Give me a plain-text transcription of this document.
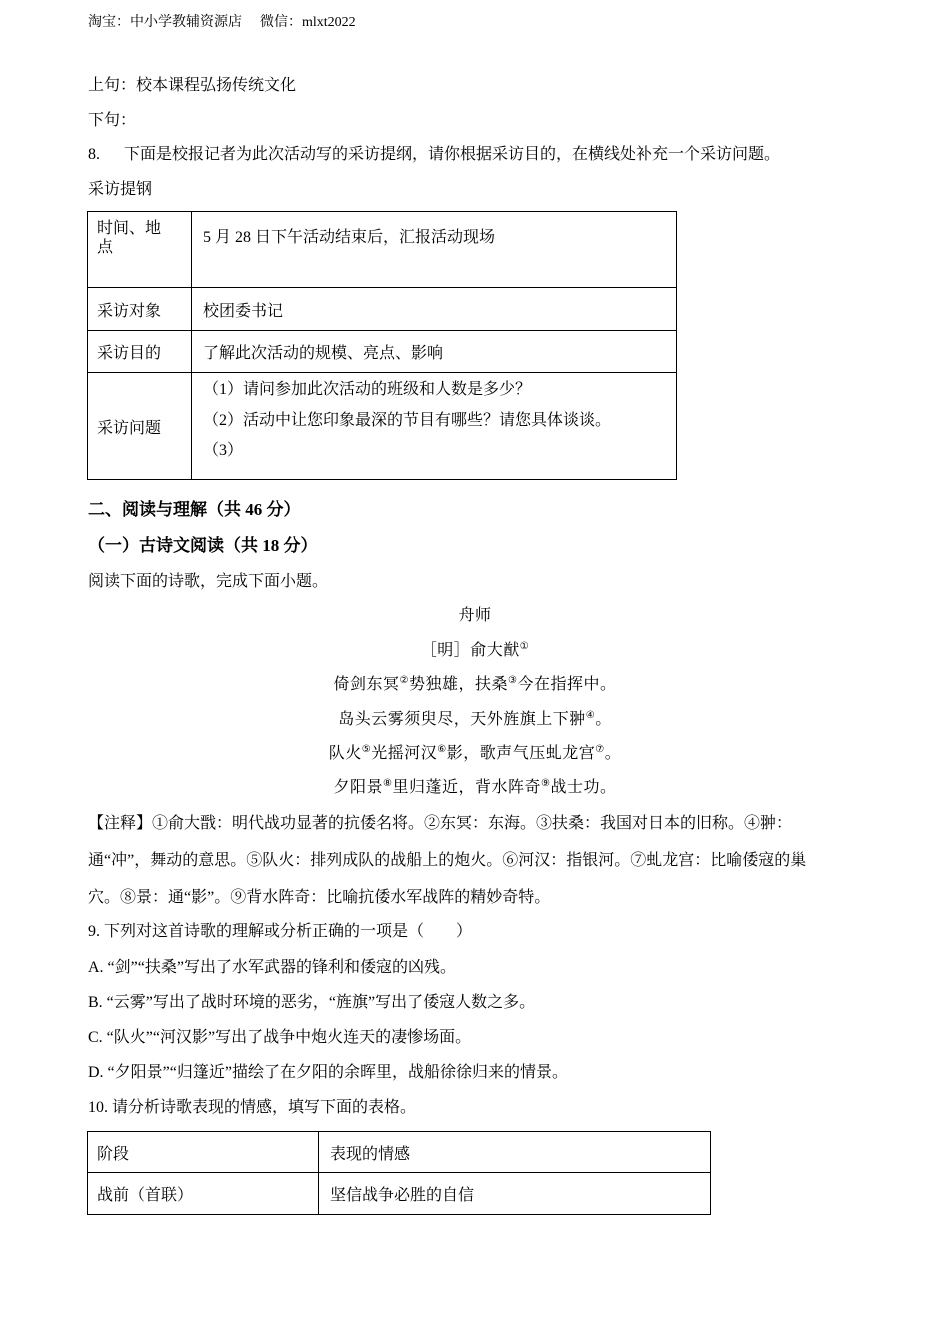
淘宝：中小学教辅资源店 微信：mlxt2022
上句：校本课程弘扬传统文化
下句：
8. 下面是校报记者为此次活动写的采访提纲，请你根据采访目的，在横线处补充一个采访问题。
采访提钢
时间、地点	5 月 28 日下午活动结束后，汇报活动现场
采访对象	校团委书记
采访目的	了解此次活动的规模、亮点、影响
采访问题	（1）请问参加此次活动的班级和人数是多少？
（2）活动中让您印象最深的节目有哪些？请您具体谈谈。
（3）
二、阅读与理解（共 46 分）
（一）古诗文阅读（共 18 分）
阅读下面的诗歌，完成下面小题。
舟师
［明］俞大猷①
倚剑东冥②势独雄，扶桑③今在指挥中。
岛头云雾须臾尽，天外旌旗上下翀④。
队火⑤光摇河汉⑥影，歌声气压虬龙宫⑦。
夕阳景⑧里归蓬近，背水阵奇⑨战士功。
【注释】①俞大戬：明代战功显著的抗倭名将。②东冥：东海。③扶桑：我国对日本的旧称。④翀：
通“冲”，舞动的意思。⑤队火：排列成队的战船上的炮火。⑥河汉：指银河。⑦虬龙宫：比喻倭寇的巢
穴。⑧景：通“影”。⑨背水阵奇：比喻抗倭水军战阵的精妙奇特。
9. 下列对这首诗歌的理解或分析正确的一项是（　　）
A. “剑”“扶桑”写出了水军武器的锋利和倭寇的凶残。
B. “云雾”写出了战时环境的恶劣，“旌旗”写出了倭寇人数之多。
C. “队火”“河汉影”写出了战争中炮火连天的凄惨场面。
D. “夕阳景”“归篷近”描绘了在夕阳的余晖里，战船徐徐归来的情景。
10. 请分析诗歌表现的情感，填写下面的表格。
阶段	表现的情感
战前（首联）	坚信战争必胜的自信
